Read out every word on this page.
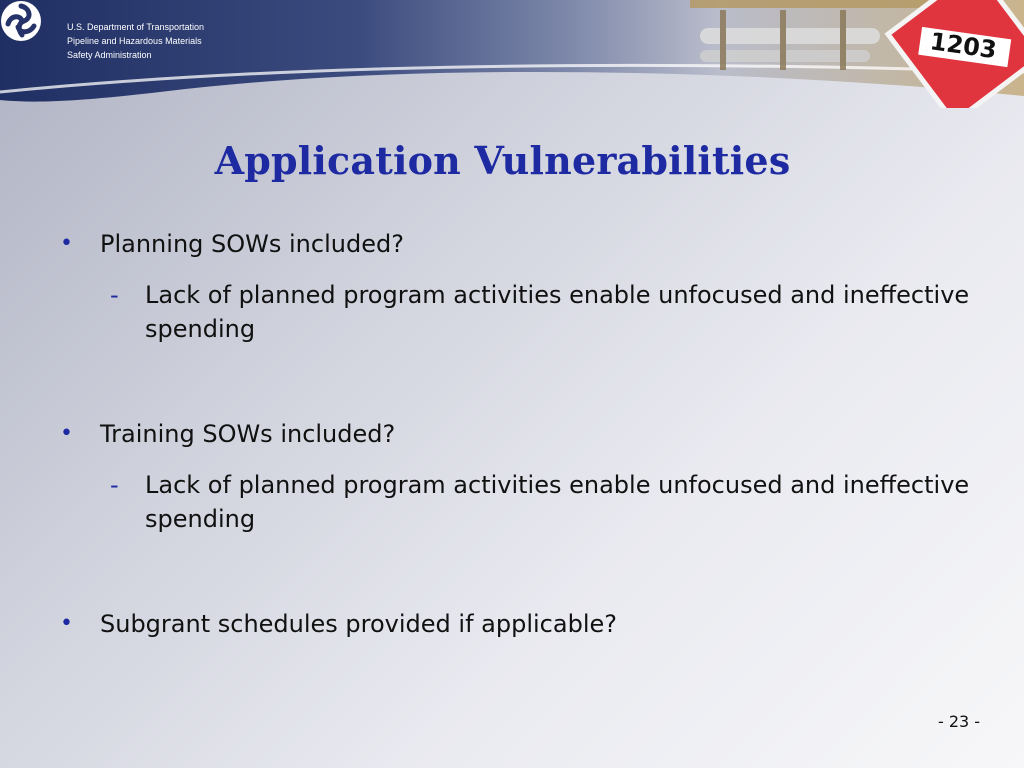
1203
U.S. Department of Transportation
Pipeline and Hazardous Materials
Safety Administration
Application Vulnerabilities
• Planning SOWs included?
- Lack of planned program activities enable unfocused and ineffective spending
• Training SOWs included?
- Lack of planned program activities enable unfocused and ineffective spending
• Subgrant schedules provided if applicable?
- 23 -
